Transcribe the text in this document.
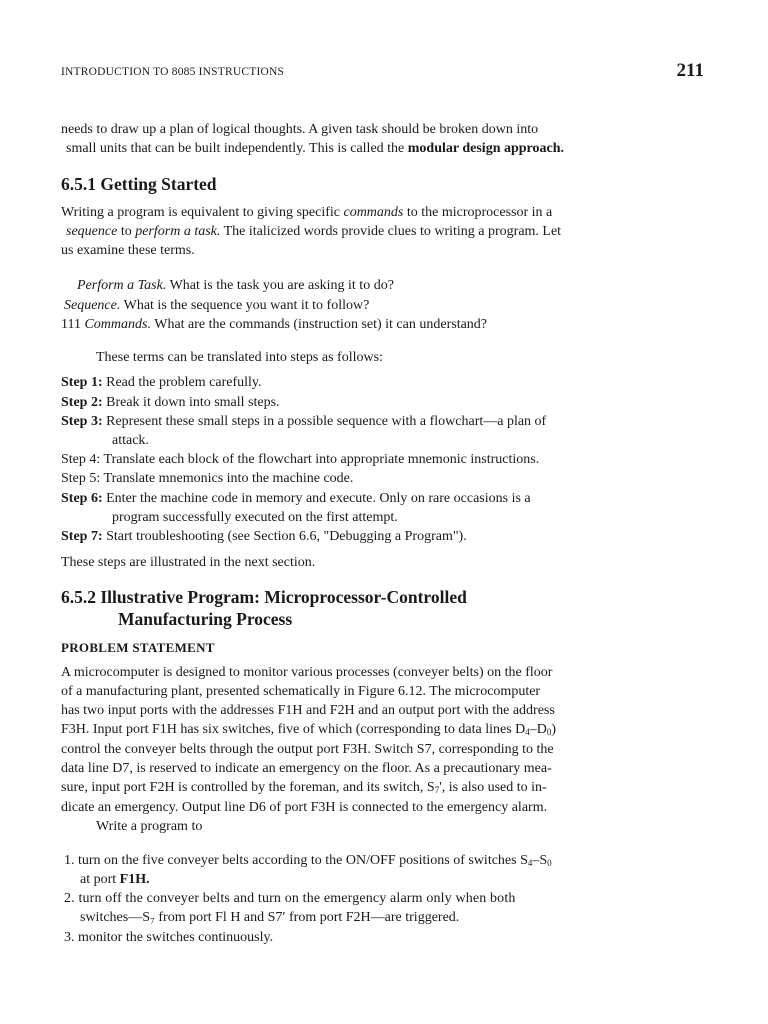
INTRODUCTION TO 8085 INSTRUCTIONS	211
needs to draw up a plan of logical thoughts. A given task should be broken down into
small units that can be built independently. This is called the modular design approach.
6.5.1 Getting Started
Writing a program is equivalent to giving specific commands to the microprocessor in a
sequence to perform a task. The italicized words provide clues to writing a program. Let
us examine these terms.
Perform a Task. What is the task you are asking it to do?
Sequence. What is the sequence you want it to follow?
111 Commands. What are the commands (instruction set) it can understand?
These terms can be translated into steps as follows:
Step 1: Read the problem carefully.
Step 2: Break it down into small steps.
Step 3: Represent these small steps in a possible sequence with a flowchart—a plan of
attack.
Step 4: Translate each block of the flowchart into appropriate mnemonic instructions.
Step 5: Translate mnemonics into the machine code.
Step 6: Enter the machine code in memory and execute. Only on rare occasions is a
program successfully executed on the first attempt.
Step 7: Start troubleshooting (see Section 6.6, "Debugging a Program").
These steps are illustrated in the next section.
6.5.2 Illustrative Program: Microprocessor-Controlled
Manufacturing Process
PROBLEM STATEMENT
A microcomputer is designed to monitor various processes (conveyer belts) on the floor
of a manufacturing plant, presented schematically in Figure 6.12. The microcomputer
has two input ports with the addresses F1H and F2H and an output port with the address
F3H. Input port F1H has six switches, five of which (corresponding to data lines $D_4-D_0$)
control the conveyer belts through the output port F3H. Switch S7, corresponding to the
data line D7, is reserved to indicate an emergency on the floor. As a precautionary mea-
sure, input port F2H is controlled by the foreman, and its switch, $S_7'$, is also used to in-
dicate an emergency. Output line D6 of port F3H is connected to the emergency alarm.
Write a program to
1. turn on the five conveyer belts according to the ON/OFF positions of switches $S_4-S_0$
at port F1H.
2. turn off the conveyer belts and turn on the emergency alarm only when both
switches—S₇ from port Fl H and S7′ from port F2H—are triggered.
3. monitor the switches continuously.
